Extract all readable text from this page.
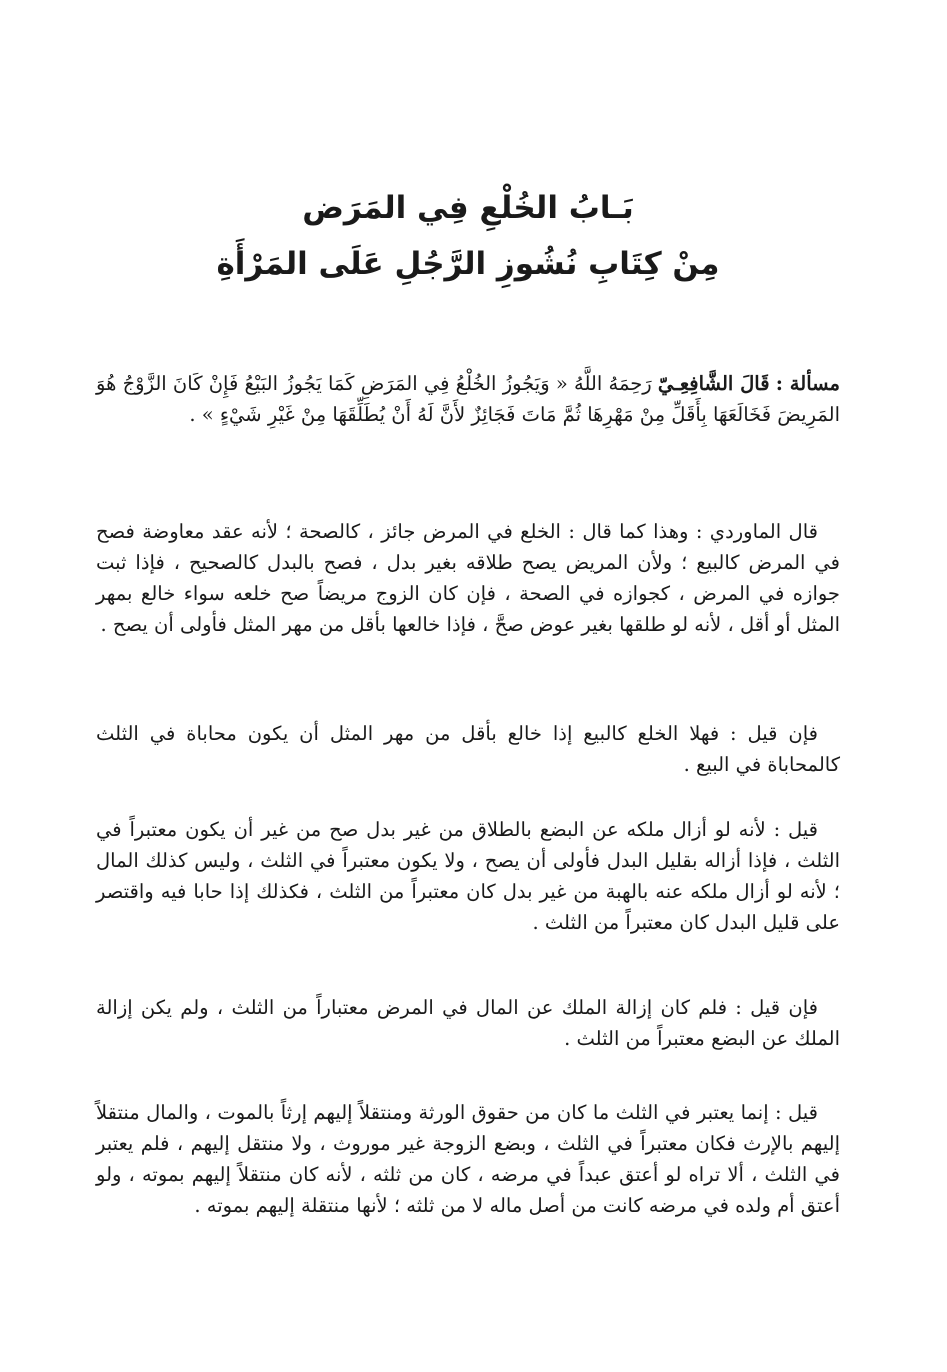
بَـابُ الخُلْعِ فِي المَرَض

مِنْ كِتَابِ نُشُوزِ الرَّجُلِ عَلَى المَرْأَةِ

مسألة : قَالَ الشَّافِعِـيّ رَحِمَهُ اللَّهُ « وَيَجُوزُ الخُلْعُ فِي المَرَضِ كَمَا يَجُوزُ البَيْعُ فَإِنْ كَانَ الزَّوْجُ هُوَ المَرِيضَ فَخَالَعَهَا بِأَقَلِّ مِنْ مَهْرِهَا ثُمَّ مَاتَ فَجَائِزٌ لأَنَّ لَهُ أَنْ يُطَلِّقَهَا مِنْ غَيْرِ شَيْءٍ » .

قال الماوردي : وهذا كما قال : الخلع في المرض جائز ، كالصحة ؛ لأنه عقد معاوضة فصح في المرض كالبيع ؛ ولأن المريض يصح طلاقه بغير بدل ، فصح بالبدل كالصحيح ، فإذا ثبت جوازه في المرض ، كجوازه في الصحة ، فإن كان الزوج مريضاً صح خلعه سواء خالع بمهر المثل أو أقل ، لأنه لو طلقها بغير عوض صحَّ ، فإذا خالعها بأقل من مهر المثل فأولى أن يصح .

فإن قيل : فهلا الخلع كالبيع إذا خالع بأقل من مهر المثل أن يكون محاباة في الثلث كالمحاباة في البيع .

قيل : لأنه لو أزال ملكه عن البضع بالطلاق من غير بدل صح من غير أن يكون معتبراً في الثلث ، فإذا أزاله بقليل البدل فأولى أن يصح ، ولا يكون معتبراً في الثلث ، وليس كذلك المال ؛ لأنه لو أزال ملكه عنه بالهبة من غير بدل كان معتبراً من الثلث ، فكذلك إذا حابا فيه واقتصر على قليل البدل كان معتبراً من الثلث .

فإن قيل : فلم كان إزالة الملك عن المال في المرض معتباراً من الثلث ، ولم يكن إزالة الملك عن البضع معتبراً من الثلث .

قيل : إنما يعتبر في الثلث ما كان من حقوق الورثة ومنتقلاً إليهم إرثاً بالموت ، والمال منتقلاً إليهم بالإرث فكان معتبراً في الثلث ، وبضع الزوجة غير موروث ، ولا منتقل إليهم ، فلم يعتبر في الثلث ، ألا تراه لو أعتق عبداً في مرضه ، كان من ثلثه ، لأنه كان منتقلاً إليهم بموته ، ولو أعتق أم ولده في مرضه كانت من أصل ماله لا من ثلثه ؛ لأنها منتقلة إليهم بموته .
